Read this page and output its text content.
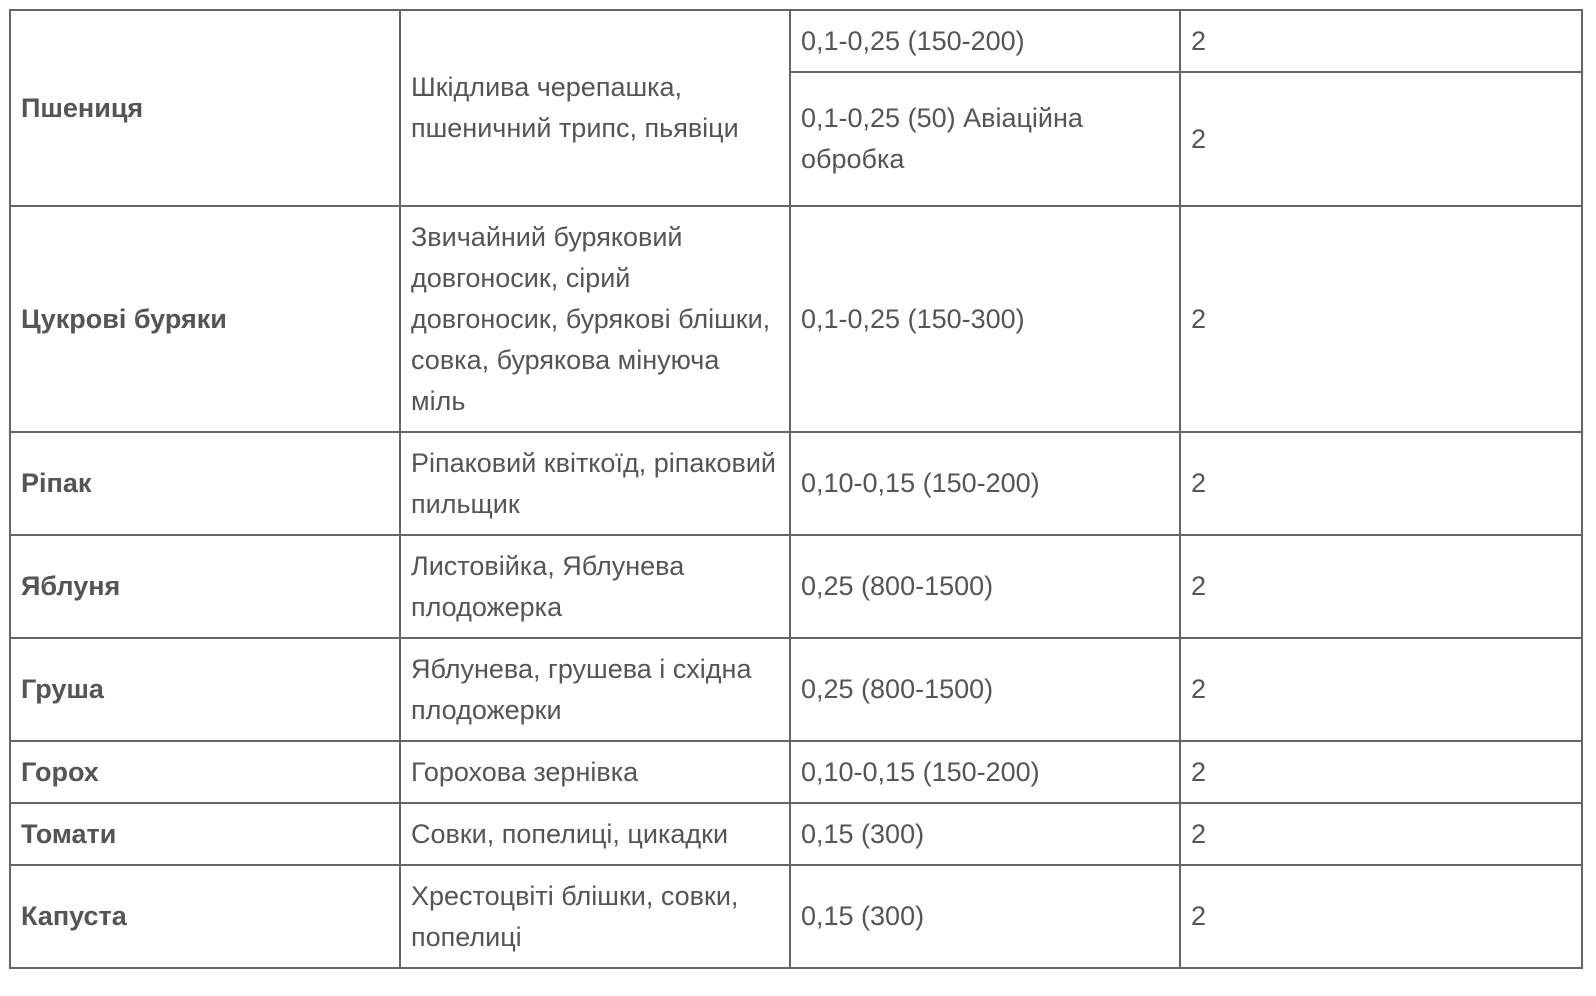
Пшениця	Шкідлива черепашка, пшеничний трипс, пьявіци	0,1-0,25 (150-200)	2
		0,1-0,25 (50) Авіаційна обробка	2
Цукрові буряки	Звичайний буряковий довгоносик, сірий довгоносик, бурякові блішки, совка, бурякова мінуюча міль	0,1-0,25 (150-300)	2
Ріпак	Ріпаковий квіткоїд, ріпаковий пильщик	0,10-0,15 (150-200)	2
Яблуня	Листовійка, Яблунева плодожерка	0,25 (800-1500)	2
Груша	Яблунева, грушева і східна плодожерки	0,25 (800-1500)	2
Горох	Горохова зернівка	0,10-0,15 (150-200)	2
Томати	Совки, попелиці, цикадки	0,15 (300)	2
Капуста	Хрестоцвіті блішки, совки, попелиці	0,15 (300)	2
